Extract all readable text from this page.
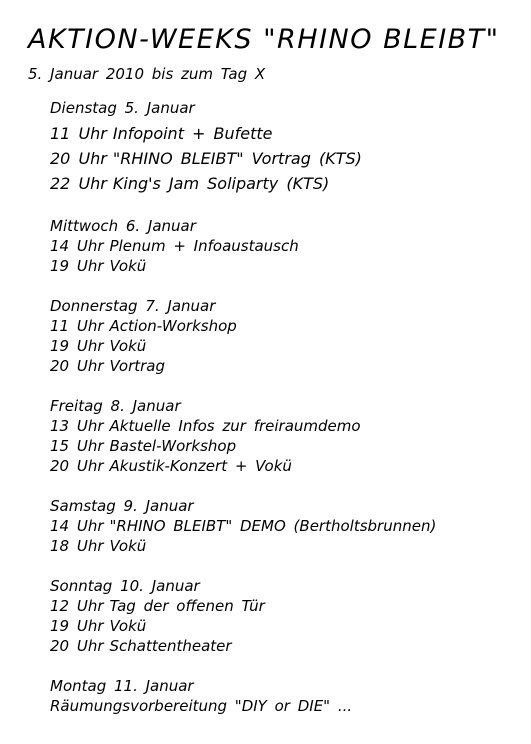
AKTION-WEEKS "RHINO BLEIBT"
5. Januar 2010 bis zum Tag X
Dienstag 5. Januar
11 Uhr Infopoint + Bufette
20 Uhr "RHINO BLEIBT" Vortrag (KTS)
22 Uhr King's Jam Soliparty (KTS)
Mittwoch 6. Januar
14 Uhr Plenum + Infoaustausch
19 Uhr Vokü
Donnerstag 7. Januar
11 Uhr Action-Workshop
19 Uhr Vokü
20 Uhr Vortrag
Freitag 8. Januar
13 Uhr Aktuelle Infos zur freiraumdemo
15 Uhr Bastel-Workshop
20 Uhr Akustik-Konzert + Vokü
Samstag 9. Januar
14 Uhr "RHINO BLEIBT" DEMO (Bertholtsbrunnen)
18 Uhr Vokü
Sonntag 10. Januar
12 Uhr Tag der offenen Tür
19 Uhr Vokü
20 Uhr Schattentheater
Montag 11. Januar
Räumungsvorbereitung "DIY or DIE" ...
